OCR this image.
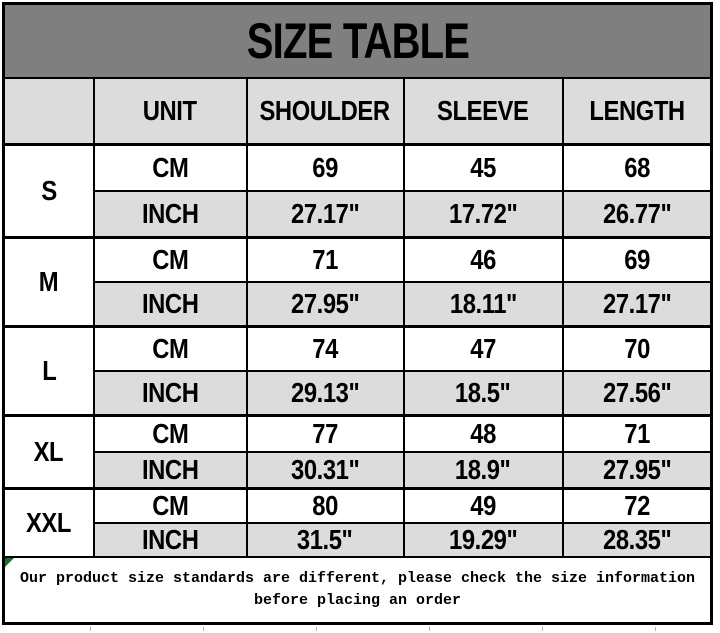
SIZE TABLE				
	UNIT	SHOULDER	SLEEVE	LENGTH
S	CM	69	45	68
	INCH	27.17"	17.72"	26.77"
M	CM	71	46	69
	INCH	27.95"	18.11"	27.17"
L	CM	74	47	70
	INCH	29.13"	18.5"	27.56"
XL	CM	77	48	71
	INCH	30.31"	18.9"	27.95"
XXL	CM	80	49	72
	INCH	31.5"	19.29"	28.35"

Our product size standards are different, please check the size information
before placing an order				
